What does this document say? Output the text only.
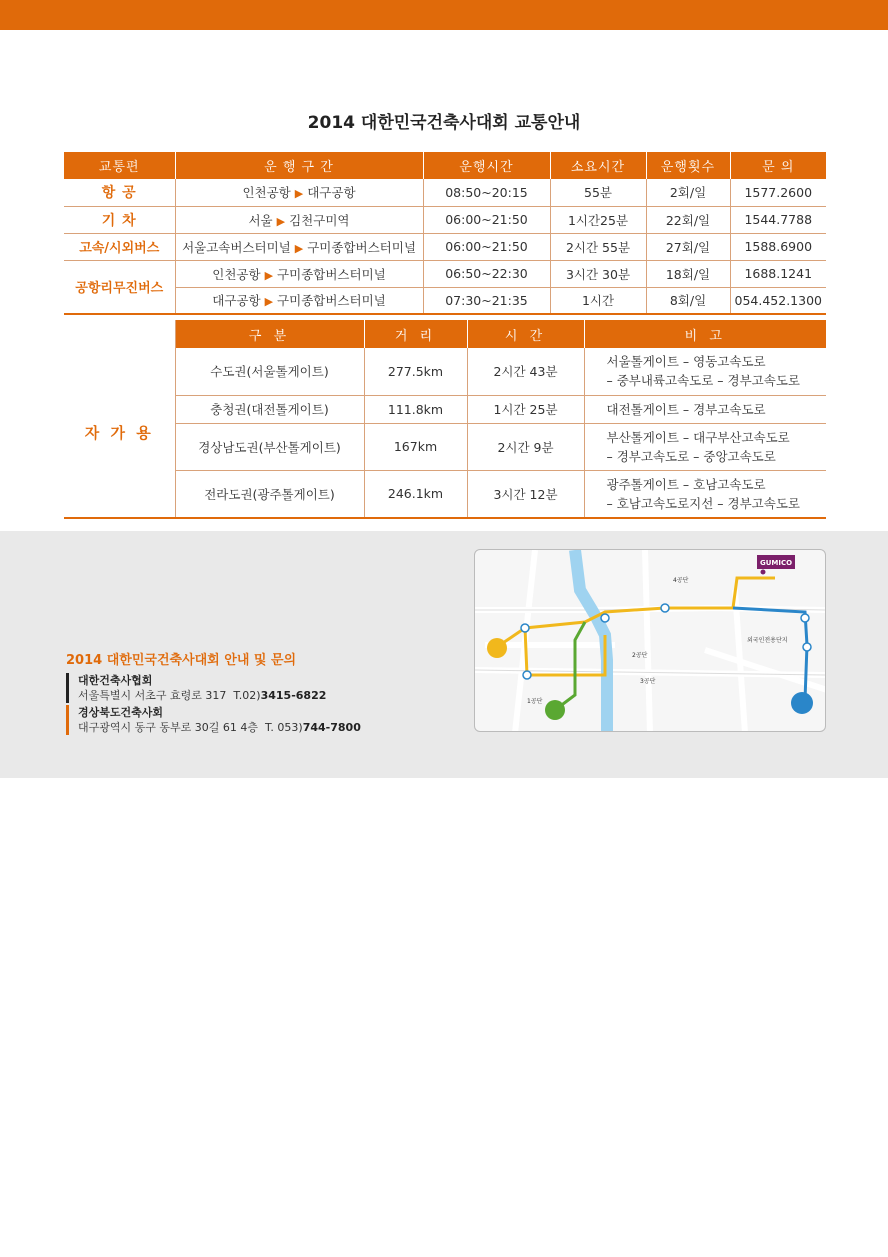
2014 대한민국건축사대회 교통안내
교통편	운 행 구 간	운행시간	소요시간	운행횟수	문 의
항 공	인천공항 ▶ 대구공항	08:50~20:15	55분	2회/일	1577.2600
기 차	서울 ▶ 김천구미역	06:00~21:50	1시간25분	22회/일	1544.7788
고속/시외버스	서울고속버스터미널 ▶ 구미종합버스터미널	06:00~21:50	2시간 55분	27회/일	1588.6900
공항리무진버스	인천공항 ▶ 구미종합버스터미널	06:50~22:30	3시간 30분	18회/일	1688.1241
	대구공항 ▶ 구미종합버스터미널	07:30~21:35	1시간	8회/일	054.452.1300
	구 분	거 리	시 간	비 고
자 가 용	수도권(서울톨게이트)	277.5km	2시간 43분	서울톨게이트 – 영동고속도로
– 중부내륙고속도로 – 경부고속도로

	충청권(대전톨게이트)	111.8km	1시간 25분	대전톨게이트 – 경부고속도로

	경상남도권(부산톨게이트)	167km	2시간 9분	부산톨게이트 – 대구부산고속도로
– 경부고속도로 – 중앙고속도로

	전라도권(광주톨게이트)	246.1km	3시간 12분	광주톨게이트 – 호남고속도로
– 호남고속도로지선 – 경부고속도로
2014 대한민국건축사대회 안내 및 문의
대한건축사협회
서울특별시 서초구 효령로 317 T.02)3415-6822
경상북도건축사회
대구광역시 동구 동부로 30길 61 4층 T. 053)744-7800
GUMICO
2공단
3공단
4공단
1공단
외국인전용단지
